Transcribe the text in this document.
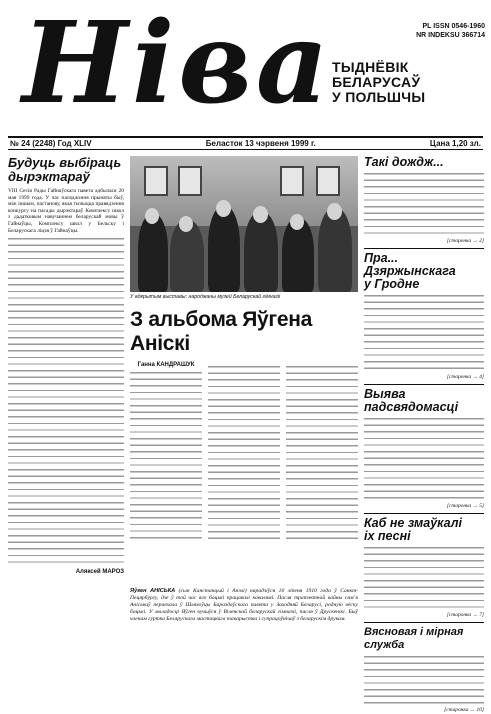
Ніва	PL ISSN 0546-1960
NR INDEKSU 366714
ТЫДНЁВІК
БЕЛАРУСАЎ
У ПОЛЬШЧЫ
№ 24 (2248) Год XLIV	Беласток 13 чэрвеня 1999 г.	Цана 1,20 зл.
Будуць выбіраць
дырэктараў

VIII Сесія Рады Гайнаўскага павета адбылася 20 мая 1999 года. У час пасяджэння прыняты быў, між іншым, пастанову, якая тычыцца правядзення конкурсу на пасады дырэктараў Комплексу школ з дадатковым навучаннем беларускай мовы ў Гайнаўцы, Комплексу школ у Бельску і Беларускага ліцэя ў Гайнаўцы.

Аляксей МАРОЗ
У адкрытым выставы: народжаны музей Беларускай гімназіі
З альбома Яўгена Анiскi
Ганна КАНДРАШУК
Яўген АНІСЬКА (сын Канстанцый і Анэлі) нарадзіўся 10 ліпеня 1910 года ў Санкт-Пецярбургу, дзе ў той час яго бацькі працавалі кавалямі. Пасля тратэктнай вайны сям’я Аніськаў пераехала ў Шляхоўцы Бараздаўскага павета у Заходняй Беларусі, родную вёску бацькі. У маладосці Яўген вучыўся ў Віленскай беларускай гімназіі, пасля ў Друскенікі. Быў членам гуртка Беларускага мастацкага таварыства і супрацоўнічаў з беларускім друкам.
Такі дождж...
[старонка → 2]
Пра... Дзяржынскага
у Гродне
[старонка → 4]
Выява падсвядомасці
[старонка → 5]
Каб не змаўкалі
іх песні
[старонка → 7]
Вясновая і мірная служба
[старонка → 10]
